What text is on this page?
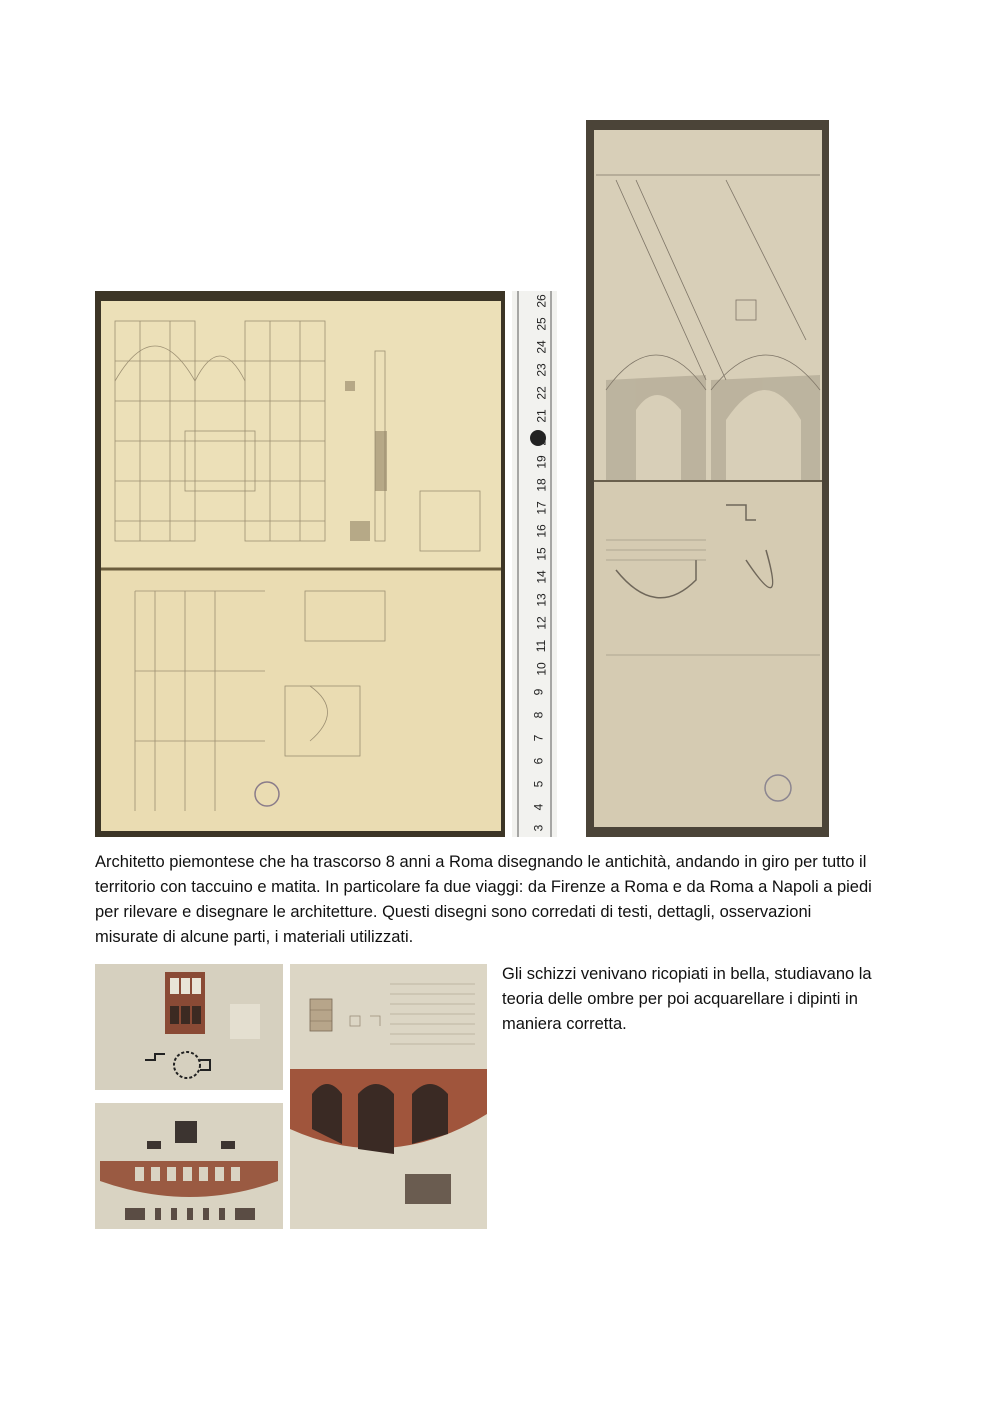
26
25
24
23
22
21
20
19
18
17
16
15
14
13
12
11
10
9
8
7
6
5
4
3
Architetto piemontese che ha trascorso 8 anni a Roma disegnando le antichità, andando in giro per tutto il
territorio con taccuino e matita. In particolare fa due viaggi: da Firenze a Roma e da Roma a Napoli a piedi
per rilevare e disegnare le architetture. Questi disegni sono corredati di testi, dettagli, osservazioni
misurate di alcune parti, i materiali utilizzati.
Gli schizzi venivano ricopiati in bella, studiavano la
teoria delle ombre per poi acquarellare i dipinti in
maniera corretta.
